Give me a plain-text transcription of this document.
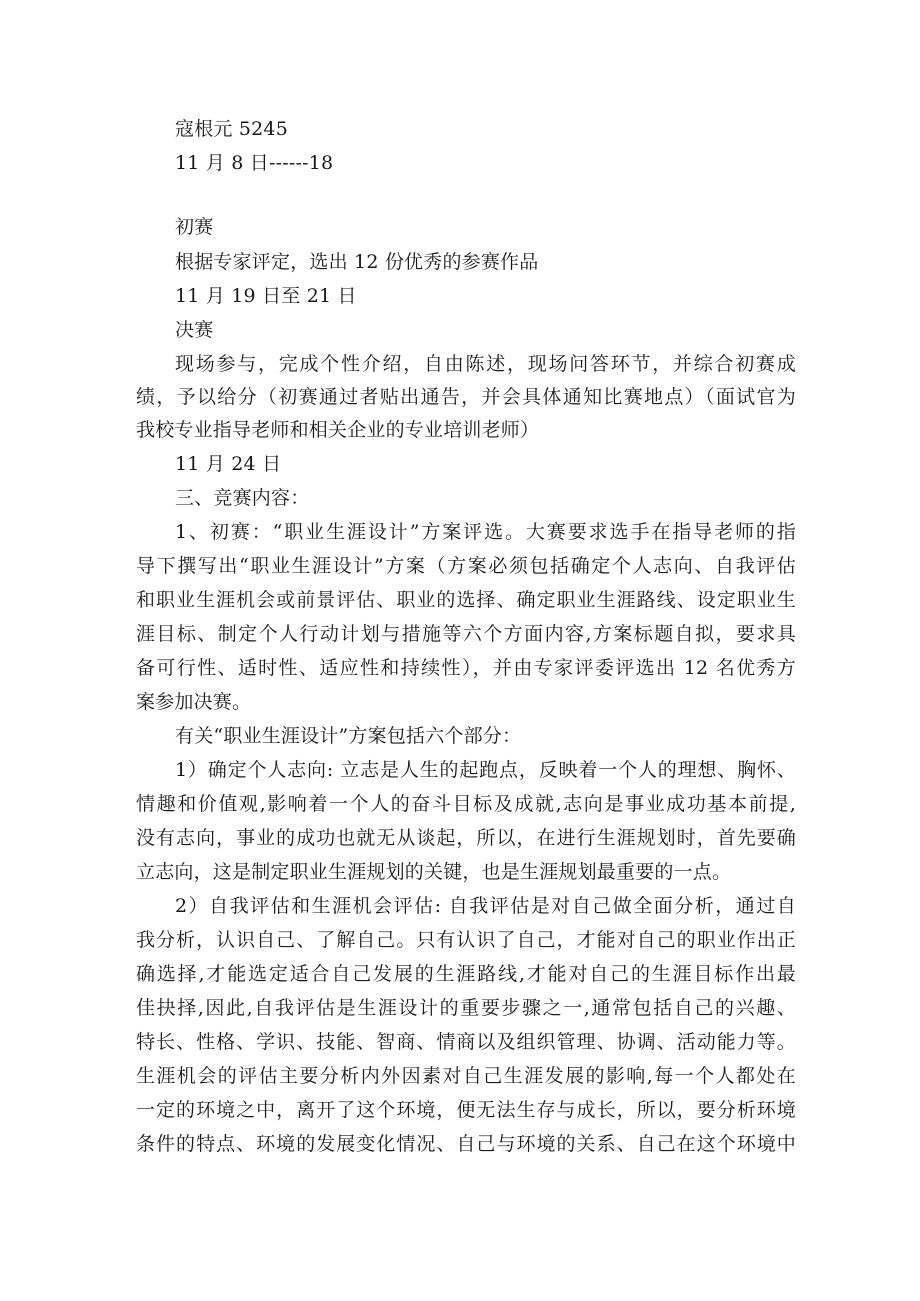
寇根元 5245
11 月 8 日------18
初赛
根据专家评定，选出 12 份优秀的参赛作品
11 月 19 日至 21 日
决赛
现场参与，完成个性介绍，自由陈述，现场问答环节，并综合初赛成
绩，予以给分（初赛通过者贴出通告，并会具体通知比赛地点）（面试官为
我校专业指导老师和相关企业的专业培训老师）
11 月 24 日
三、竞赛内容：
1、初赛：“职业生涯设计”方案评选。大赛要求选手在指导老师的指
导下撰写出“职业生涯设计”方案（方案必须包括确定个人志向、自我评估
和职业生涯机会或前景评估、职业的选择、确定职业生涯路线、设定职业生
涯目标、制定个人行动计划与措施等六个方面内容,方案标题自拟，要求具
备可行性、适时性、适应性和持续性），并由专家评委评选出 12 名优秀方
案参加决赛。
有关“职业生涯设计”方案包括六个部分：
1）确定个人志向: 立志是人生的起跑点，反映着一个人的理想、胸怀、
情趣和价值观,影响着一个人的奋斗目标及成就,志向是事业成功基本前提,
没有志向，事业的成功也就无从谈起，所以，在进行生涯规划时，首先要确
立志向，这是制定职业生涯规划的关键，也是生涯规划最重要的一点。
2）自我评估和生涯机会评估: 自我评估是对自己做全面分析，通过自
我分析，认识自己、了解自己。只有认识了自己，才能对自己的职业作出正
确选择,才能选定适合自己发展的生涯路线,才能对自己的生涯目标作出最
佳抉择,因此,自我评估是生涯设计的重要步骤之一,通常包括自己的兴趣、
特长、性格、学识、技能、智商、情商以及组织管理、协调、活动能力等。
生涯机会的评估主要分析内外因素对自己生涯发展的影响,每一个人都处在
一定的环境之中，离开了这个环境，便无法生存与成长，所以，要分析环境
条件的特点、环境的发展变化情况、自己与环境的关系、自己在这个环境中
